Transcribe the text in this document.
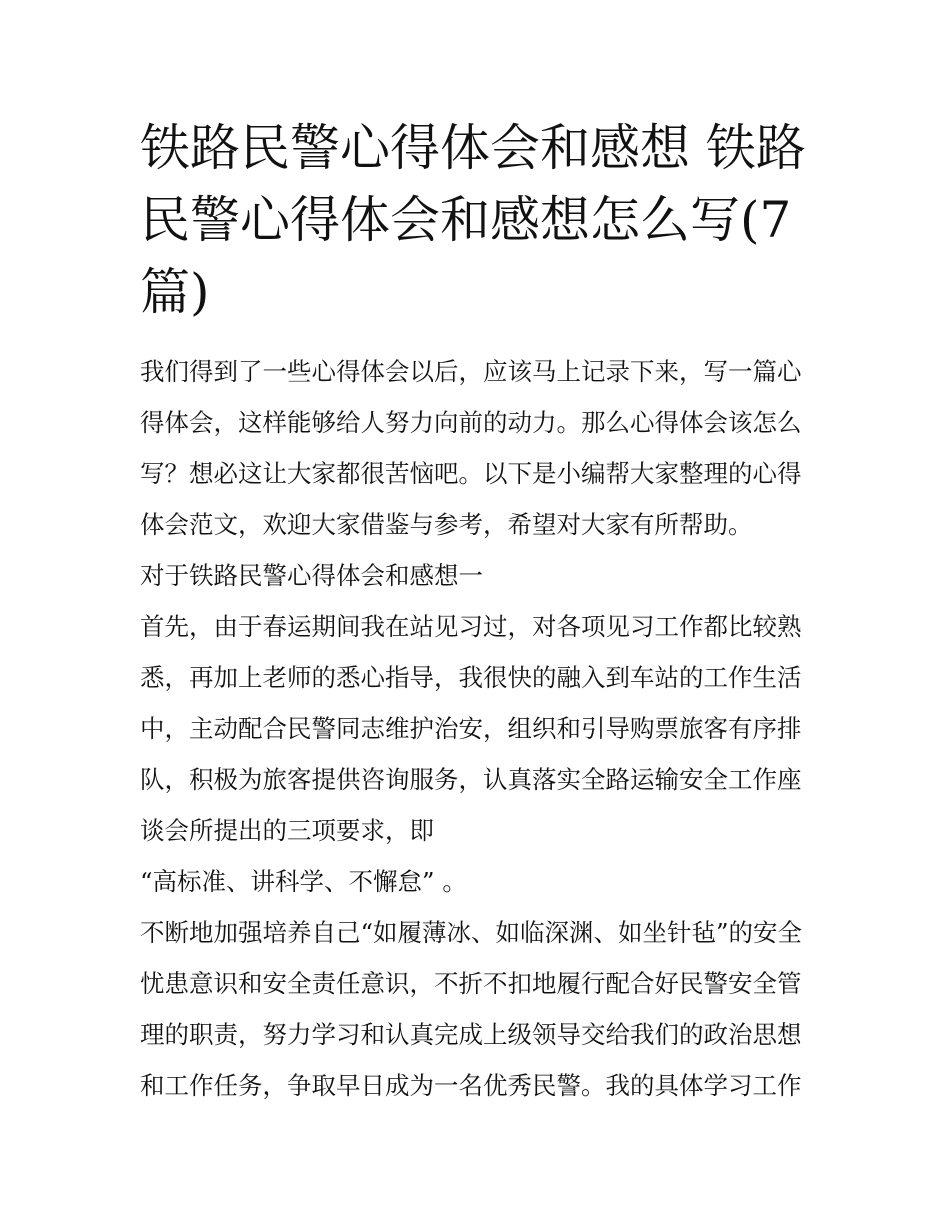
铁路民警心得体会和感想 铁路
民警心得体会和感想怎么写(7
篇)
我们得到了一些心得体会以后，应该马上记录下来，写一篇心
得体会，这样能够给人努力向前的动力。那么心得体会该怎么
写？想必这让大家都很苦恼吧。以下是小编帮大家整理的心得
体会范文，欢迎大家借鉴与参考，希望对大家有所帮助。
对于铁路民警心得体会和感想一
首先，由于春运期间我在站见习过，对各项见习工作都比较熟
悉，再加上老师的悉心指导，我很快的融入到车站的工作生活
中，主动配合民警同志维护治安，组织和引导购票旅客有序排
队，积极为旅客提供咨询服务，认真落实全路运输安全工作座
谈会所提出的三项要求，即
“高标准、讲科学、不懈怠” 。
不断地加强培养自己“如履薄冰、如临深渊、如坐针毡”的安全
忧患意识和安全责任意识，不折不扣地履行配合好民警安全管
理的职责，努力学习和认真完成上级领导交给我们的政治思想
和工作任务，争取早日成为一名优秀民警。我的具体学习工作
